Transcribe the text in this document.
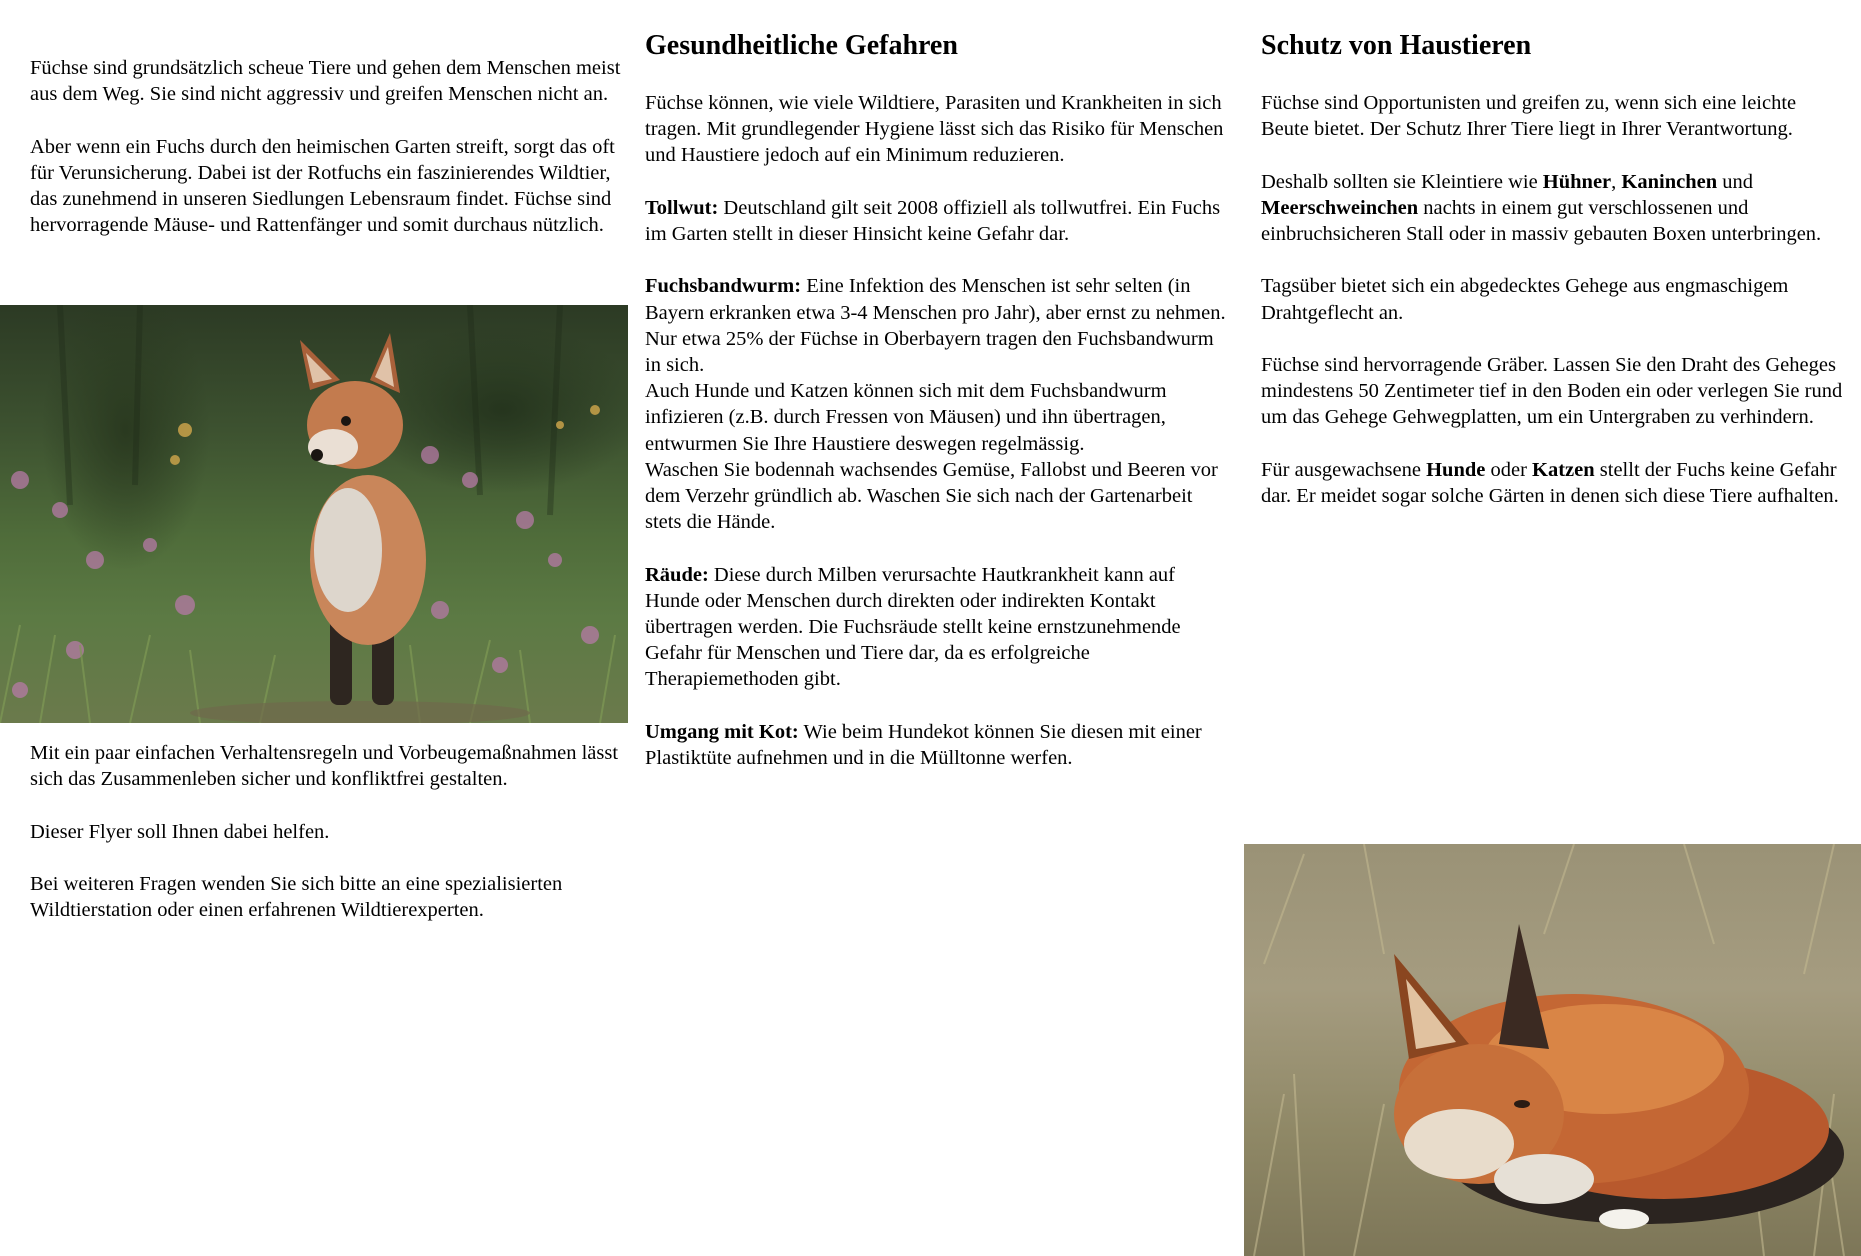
Füchse sind grundsätzlich scheue Tiere und gehen dem Menschen meist aus dem Weg. Sie sind nicht aggressiv und greifen Menschen nicht an.

Aber wenn ein Fuchs durch den heimischen Garten streift, sorgt das oft für Verunsicherung. Dabei ist der Rotfuchs ein faszinierendes Wildtier, das zunehmend in unseren Siedlungen Lebensraum findet. Füchse sind hervorragende Mäuse- und Rattenfänger und somit durchaus nützlich.

Mit ein paar einfachen Verhaltensregeln und Vorbeugemaßnahmen lässt sich das Zusammenleben sicher und konfliktfrei gestalten.

Dieser Flyer soll Ihnen dabei helfen.

Bei weiteren Fragen wenden Sie sich bitte an eine spezialisierten Wildtierstation oder einen erfahrenen Wildtierexperten.

Gesundheitliche Gefahren

Füchse können, wie viele Wildtiere, Parasiten und Krankheiten in sich tragen. Mit grundlegender Hygiene lässt sich das Risiko für Menschen und Haustiere jedoch auf ein Minimum reduzieren.

Tollwut: Deutschland gilt seit 2008 offiziell als tollwutfrei. Ein Fuchs im Garten stellt in dieser Hinsicht keine Gefahr dar.

Fuchsbandwurm: Eine Infektion des Menschen ist sehr selten (in Bayern erkranken etwa 3-4 Menschen pro Jahr), aber ernst zu nehmen. Nur etwa 25% der Füchse in Oberbayern tragen den Fuchsbandwurm in sich.

Auch Hunde und Katzen können sich mit dem Fuchsbandwurm infizieren (z.B. durch Fressen von Mäusen) und ihn übertragen, entwurmen Sie Ihre Haustiere deswegen regelmässig.

Waschen Sie bodennah wachsendes Gemüse, Fallobst und Beeren vor dem Verzehr gründlich ab. Waschen Sie sich nach der Gartenarbeit stets die Hände.

Räude: Diese durch Milben verursachte Hautkrankheit kann auf Hunde oder Menschen durch direkten oder indirekten Kontakt übertragen werden. Die Fuchsräude stellt keine ernstzunehmende Gefahr für Menschen und Tiere dar, da es erfolgreiche Therapiemethoden gibt.

Umgang mit Kot: Wie beim Hundekot können Sie diesen mit einer Plastiktüte aufnehmen und in die Mülltonne werfen.

Schutz von Haustieren

Füchse sind Opportunisten und greifen zu, wenn sich eine leichte Beute bietet. Der Schutz Ihrer Tiere liegt in Ihrer Verantwortung.

Deshalb sollten sie Kleintiere wie Hühner, Kaninchen und Meerschweinchen nachts in einem gut verschlossenen und einbruchsicheren Stall oder in massiv gebauten Boxen unterbringen.

Tagsüber bietet sich ein abgedecktes Gehege aus engmaschigem Drahtgeflecht an.

Füchse sind hervorragende Gräber. Lassen Sie den Draht des Geheges mindestens 50 Zentimeter tief in den Boden ein oder verlegen Sie rund um das Gehege Gehwegplatten, um ein Untergraben zu verhindern.

Für ausgewachsene Hunde oder Katzen stellt der Fuchs keine Gefahr dar. Er meidet sogar solche Gärten in denen sich diese Tiere aufhalten.
